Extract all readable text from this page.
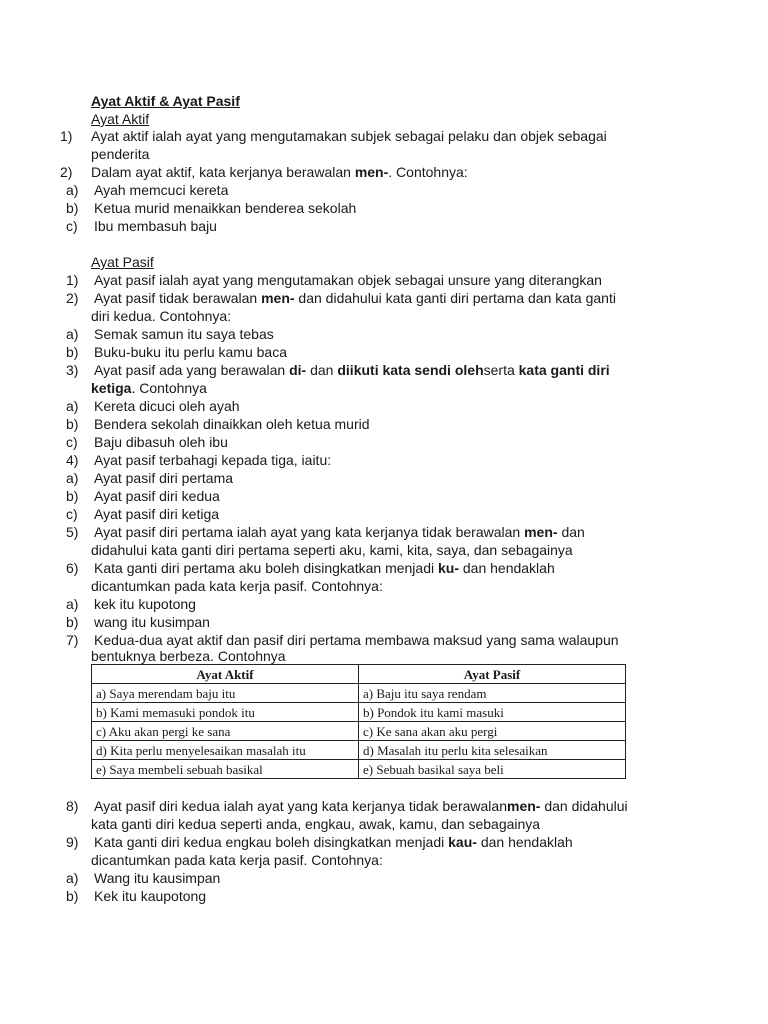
Ayat Aktif & Ayat Pasif
Ayat Aktif
1) Ayat aktif ialah ayat yang mengutamakan subjek sebagai pelaku dan objek sebagai
penderita
2) Dalam ayat aktif, kata kerjanya berawalan men-. Contohnya:
a) Ayah memcuci kereta
b) Ketua murid menaikkan benderea sekolah
c) Ibu membasuh baju
Ayat Pasif
1) Ayat pasif ialah ayat yang mengutamakan objek sebagai unsure yang diterangkan
2) Ayat pasif tidak berawalan men- dan didahului kata ganti diri pertama dan kata ganti
diri kedua. Contohnya:
a) Semak samun itu saya tebas
b) Buku-buku itu perlu kamu baca
3) Ayat pasif ada yang berawalan di- dan diikuti kata sendi olehserta kata ganti diri
ketiga. Contohnya
a) Kereta dicuci oleh ayah
b) Bendera sekolah dinaikkan oleh ketua murid
c) Baju dibasuh oleh ibu
4) Ayat pasif terbahagi kepada tiga, iaitu:
a) Ayat pasif diri pertama
b) Ayat pasif diri kedua
c) Ayat pasif diri ketiga
5) Ayat pasif diri pertama ialah ayat yang kata kerjanya tidak berawalan men- dan
didahului kata ganti diri pertama seperti aku, kami, kita, saya, dan sebagainya
6) Kata ganti diri pertama aku boleh disingkatkan menjadi ku- dan hendaklah
dicantumkan pada kata kerja pasif. Contohnya:
a) kek itu kupotong
b) wang itu kusimpan
7) Kedua-dua ayat aktif dan pasif diri pertama membawa maksud yang sama walaupun
bentuknya berbeza. Contohnya
Ayat Aktif	Ayat Pasif
a) Saya merendam baju itu	a) Baju itu saya rendam
b) Kami memasuki pondok itu	b) Pondok itu kami masuki
c) Aku akan pergi ke sana	c) Ke sana akan aku pergi
d) Kita perlu menyelesaikan masalah itu	d) Masalah itu perlu kita selesaikan
e) Saya membeli sebuah basikal	e) Sebuah basikal saya beli
8) Ayat pasif diri kedua ialah ayat yang kata kerjanya tidak berawalanmen- dan didahului
kata ganti diri kedua seperti anda, engkau, awak, kamu, dan sebagainya
9) Kata ganti diri kedua engkau boleh disingkatkan menjadi kau- dan hendaklah
dicantumkan pada kata kerja pasif. Contohnya:
a) Wang itu kausimpan
b) Kek itu kaupotong
